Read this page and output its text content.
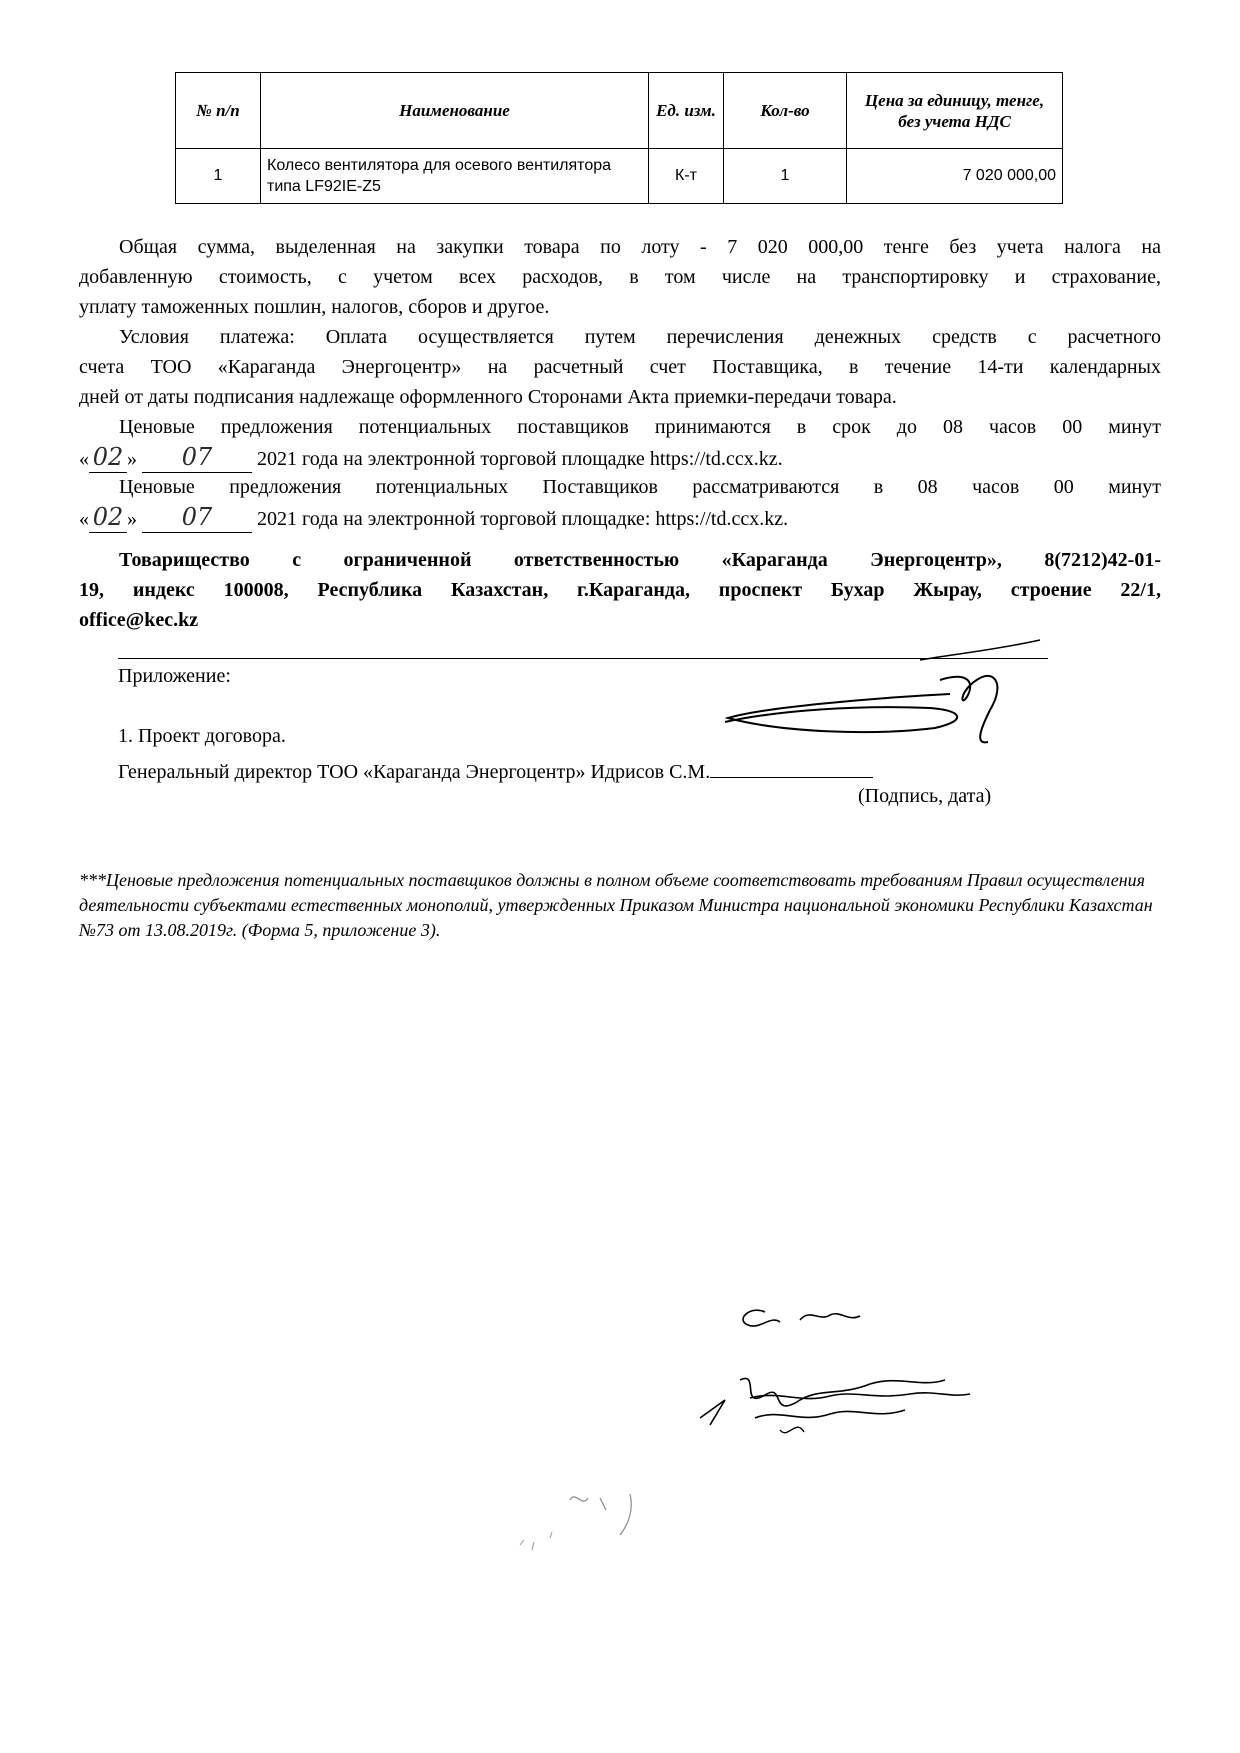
№ п/п	Наименование	Ед. изм.	Кол-во	Цена за единицу, тенге, без учета НДС
1	Колесо вентилятора для осевого вентилятора типа LF92IE-Z5	К-т	1	7 020 000,00
Общая сумма, выделенная на закупки товара по лоту - 7 020 000,00 тенге без учета налога на
добавленную стоимость, с учетом всех расходов, в том числе на транспортировку и страхование,
уплату таможенных пошлин, налогов, сборов и другое.
Условия платежа: Оплата осуществляется путем перечисления денежных средств с расчетного
счета ТОО «Караганда Энергоцентр» на расчетный счет Поставщика, в течение 14-ти календарных
дней от даты подписания надлежаще оформленного Сторонами Акта приемки-передачи товара.
Ценовые предложения потенциальных поставщиков принимаются в срок до 08 часов 00 минут
« 02 » 07 2021 года на электронной торговой площадке https://td.ccx.kz.
Ценовые предложения потенциальных Поставщиков рассматриваются в 08 часов 00 минут
« 02 » 07 2021 года на электронной торговой площадке: https://td.ccx.kz.
Товарищество с ограниченной ответственностью «Караганда Энергоцентр», 8(7212)42-01-
19, индекс 100008, Республика Казахстан, г.Караганда, проспект Бухар Жырау, строение 22/1,
office@kec.kz
Приложение:
1. Проект договора.
Генеральный директор ТОО «Караганда Энергоцентр» Идрисов С.М.
(Подпись, дата)
***Ценовые предложения потенциальных поставщиков должны в полном объеме соответствовать требованиям Правил осуществления деятельности субъектами естественных монополий, утвержденных Приказом Министра национальной экономики Республики Казахстан №73 от 13.08.2019г. (Форма 5, приложение 3).
